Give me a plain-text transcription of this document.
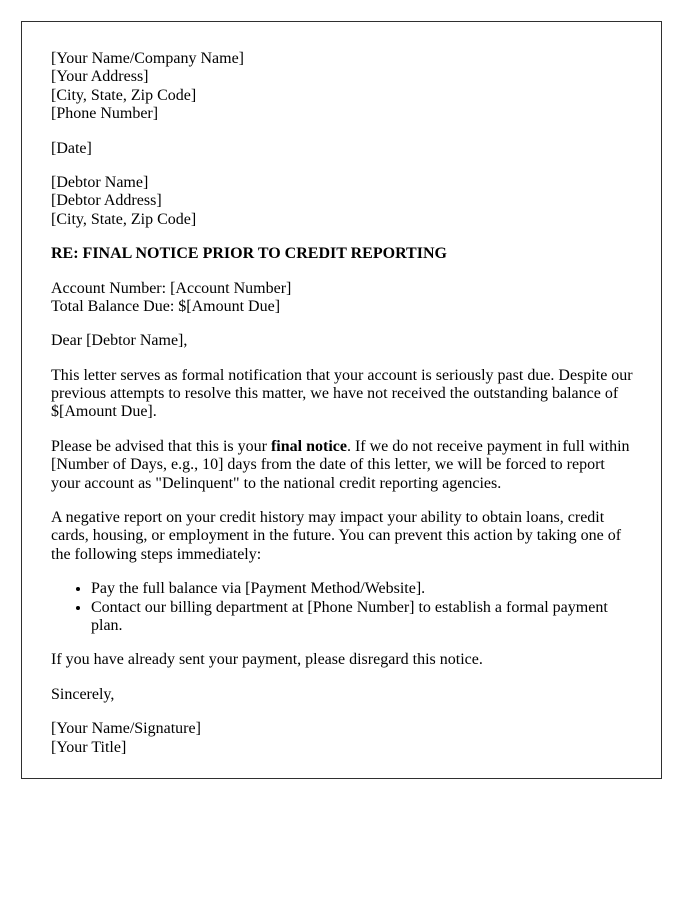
[Your Name/Company Name]
[Your Address]
[City, State, Zip Code]
[Phone Number]

[Date]

[Debtor Name]
[Debtor Address]
[City, State, Zip Code]

RE: FINAL NOTICE PRIOR TO CREDIT REPORTING

Account Number: [Account Number]
Total Balance Due: $[Amount Due]

Dear [Debtor Name],

This letter serves as formal notification that your account is seriously past due. Despite our previous attempts to resolve this matter, we have not received the outstanding balance of $[Amount Due].

Please be advised that this is your final notice. If we do not receive payment in full within [Number of Days, e.g., 10] days from the date of this letter, we will be forced to report your account as "Delinquent" to the national credit reporting agencies.

A negative report on your credit history may impact your ability to obtain loans, credit cards, housing, or employment in the future. You can prevent this action by taking one of the following steps immediately:

• Pay the full balance via [Payment Method/Website].
• Contact our billing department at [Phone Number] to establish a formal payment plan.

If you have already sent your payment, please disregard this notice.

Sincerely,

[Your Name/Signature]
[Your Title]
